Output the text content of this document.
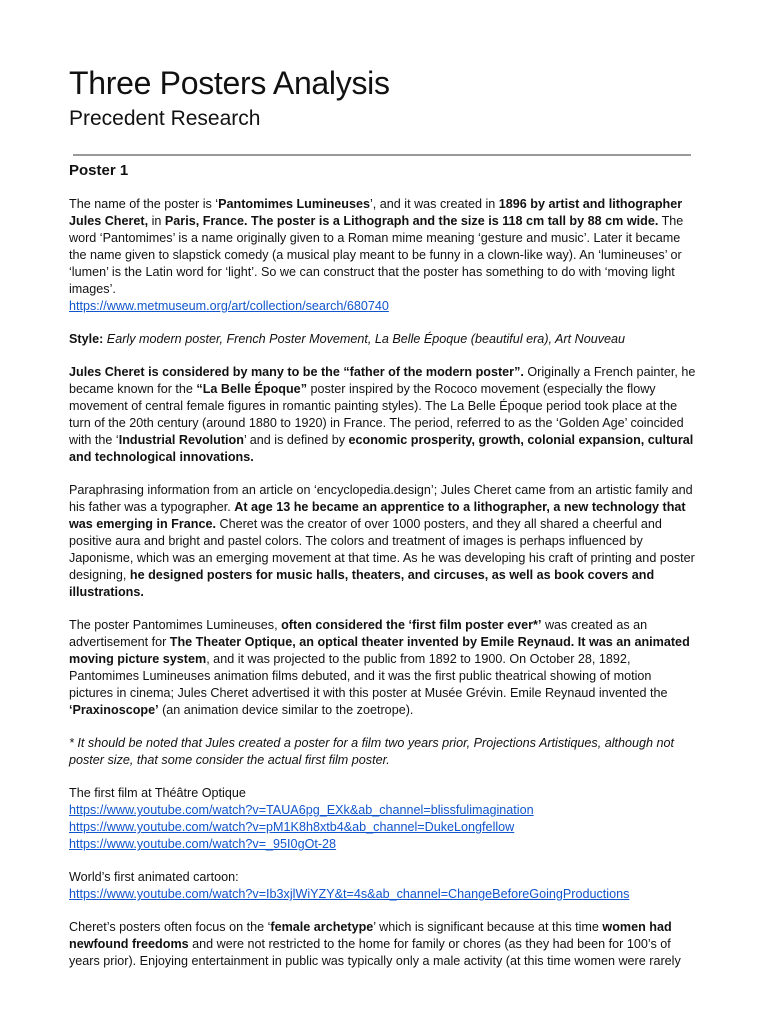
Three Posters Analysis
Precedent Research
Poster 1

The name of the poster is ‘Pantomimes Lumineuses’, and it was created in 1896 by artist and lithographer Jules Cheret, in Paris, France. The poster is a Lithograph and the size is 118 cm tall by 88 cm wide. The word ‘Pantomimes’ is a name originally given to a Roman mime meaning ‘gesture and music’. Later it became the name given to slapstick comedy (a musical play meant to be funny in a clown-like way). An ‘lumineuses’ or ‘lumen’ is the Latin word for ‘light’. So we can construct that the poster has something to do with ‘moving light images’.
https://www.metmuseum.org/art/collection/search/680740

Style: Early modern poster, French Poster Movement, La Belle Époque (beautiful era), Art Nouveau

Jules Cheret is considered by many to be the “father of the modern poster”. Originally a French painter, he became known for the “La Belle Époque” poster inspired by the Rococo movement (especially the flowy movement of central female figures in romantic painting styles). The La Belle Époque period took place at the turn of the 20th century (around 1880 to 1920) in France. The period, referred to as the ‘Golden Age’ coincided with the ‘Industrial Revolution’ and is defined by economic prosperity, growth, colonial expansion, cultural and technological innovations.

Paraphrasing information from an article on ‘encyclopedia.design’; Jules Cheret came from an artistic family and his father was a typographer. At age 13 he became an apprentice to a lithographer, a new technology that was emerging in France. Cheret was the creator of over 1000 posters, and they all shared a cheerful and positive aura and bright and pastel colors. The colors and treatment of images is perhaps influenced by Japonisme, which was an emerging movement at that time. As he was developing his craft of printing and poster designing, he designed posters for music halls, theaters, and circuses, as well as book covers and illustrations.

The poster Pantomimes Lumineuses, often considered the ‘first film poster ever*’ was created as an advertisement for The Theater Optique, an optical theater invented by Emile Reynaud. It was an animated moving picture system, and it was projected to the public from 1892 to 1900. On October 28, 1892, Pantomimes Lumineuses animation films debuted, and it was the first public theatrical showing of motion pictures in cinema; Jules Cheret advertised it with this poster at Musée Grévin. Emile Reynaud invented the ‘Praxinoscope’ (an animation device similar to the zoetrope).

* It should be noted that Jules created a poster for a film two years prior, Projections Artistiques, although not poster size, that some consider the actual first film poster.

The first film at Théâtre Optique
https://www.youtube.com/watch?v=TAUA6pg_EXk&ab_channel=blissfulimagination
https://www.youtube.com/watch?v=pM1K8h8xtb4&ab_channel=DukeLongfellow
https://www.youtube.com/watch?v=_95I0gOt-28
World’s first animated cartoon:
https://www.youtube.com/watch?v=Ib3xjlWiYZY&t=4s&ab_channel=ChangeBeforeGoingProductions

Cheret’s posters often focus on the ‘female archetype’ which is significant because at this time women had newfound freedoms and were not restricted to the home for family or chores (as they had been for 100’s of years prior). Enjoying entertainment in public was typically only a male activity (at this time women were rarely
